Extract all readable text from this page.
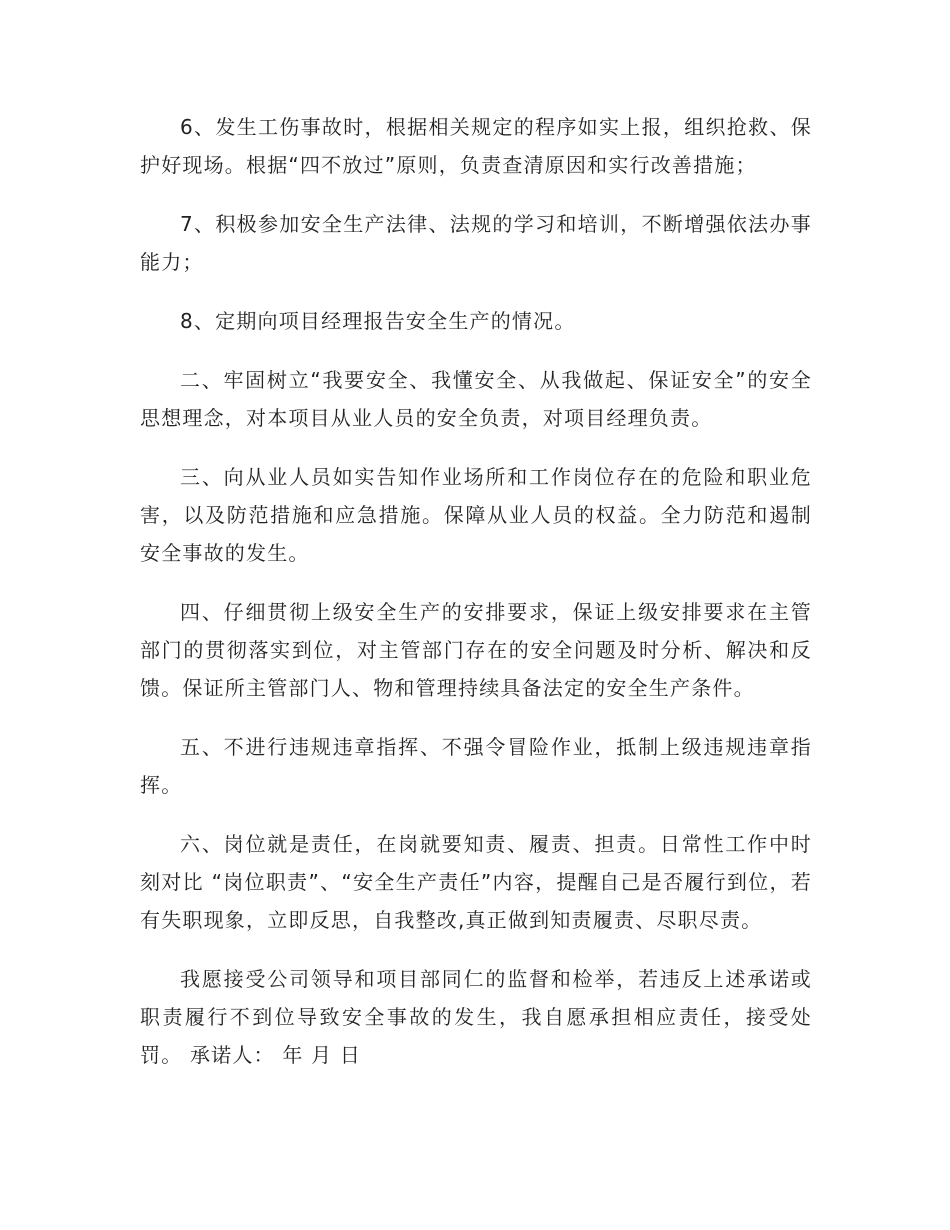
6、发生工伤事故时，根据相关规定的程序如实上报，组织抢救、保护好现场。根据“四不放过”原则，负责查清原因和实行改善措施；

7、积极参加安全生产法律、法规的学习和培训，不断增强依法办事能力；

8、定期向项目经理报告安全生产的情况。

二、牢固树立“我要安全、我懂安全、从我做起、保证安全”的安全思想理念，对本项目从业人员的安全负责，对项目经理负责。

三、向从业人员如实告知作业场所和工作岗位存在的危险和职业危害，以及防范措施和应急措施。保障从业人员的权益。全力防范和遏制安全事故的发生。

四、仔细贯彻上级安全生产的安排要求，保证上级安排要求在主管部门的贯彻落实到位，对主管部门存在的安全问题及时分析、解决和反馈。保证所主管部门人、物和管理持续具备法定的安全生产条件。

五、不进行违规违章指挥、不强令冒险作业，抵制上级违规违章指挥。

六、岗位就是责任，在岗就要知责、履责、担责。日常性工作中时刻对比 “岗位职责”、“安全生产责任”内容，提醒自己是否履行到位，若有失职现象，立即反思，自我整改,真正做到知责履责、尽职尽责。

我愿接受公司领导和项目部同仁的监督和检举，若违反上述承诺或职责履行不到位导致安全事故的发生，我自愿承担相应责任，接受处罚。 承诺人： 年 月 日
